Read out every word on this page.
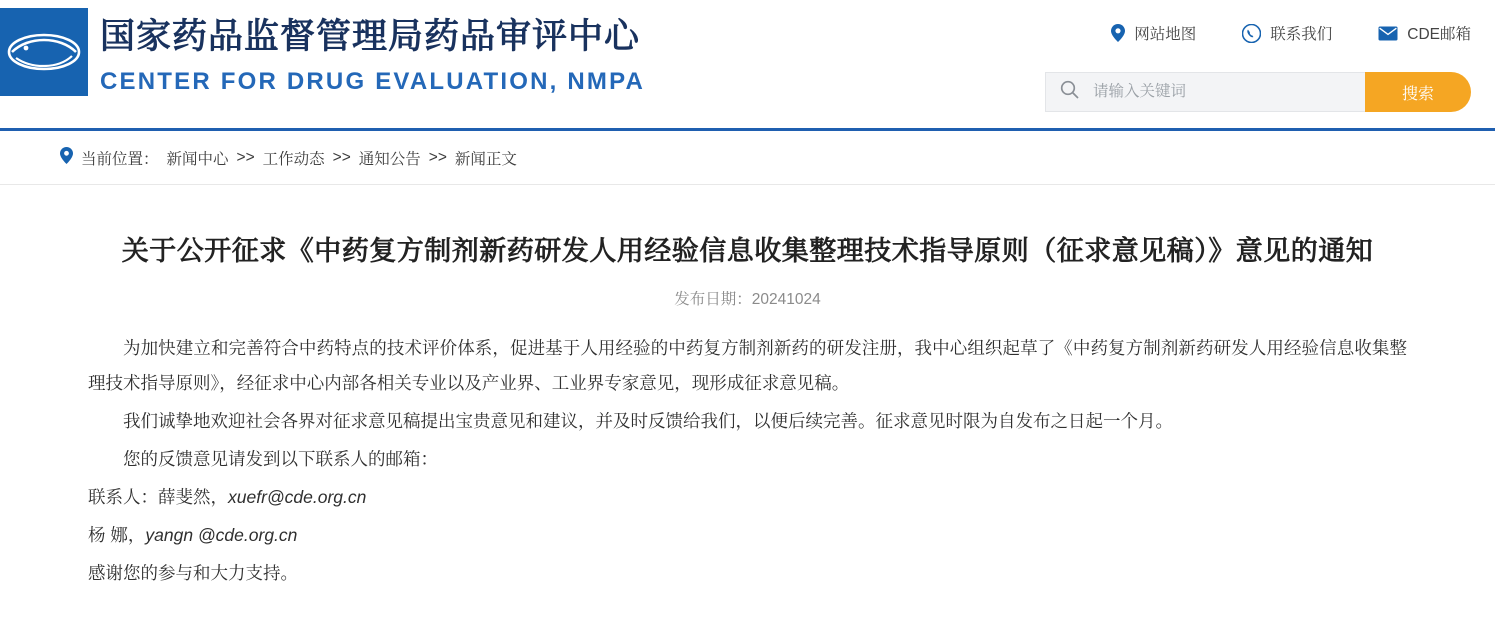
国家药品监督管理局药品审评中心
CENTER FOR DRUG EVALUATION, NMPA
网站地图	联系我们	CDE邮箱
请输入关键词
搜索
当前位置： 新闻中心 >> 工作动态 >> 通知公告 >> 新闻正文
关于公开征求《中药复方制剂新药研发人用经验信息收集整理技术指导原则（征求意见稿）》意见的通知
发布日期：20241024

为加快建立和完善符合中药特点的技术评价体系，促进基于人用经验的中药复方制剂新药的研发注册，我中心组织起草了《中药复方制剂新药研发人用经验信息收集整理技术指导原则》，经征求中心内部各相关专业以及产业界、工业界专家意见，现形成征求意见稿。

我们诚挚地欢迎社会各界对征求意见稿提出宝贵意见和建议，并及时反馈给我们，以便后续完善。征求意见时限为自发布之日起一个月。

您的反馈意见请发到以下联系人的邮箱：

联系人：薛斐然，xuefr@cde.org.cn

杨 娜，yangn @cde.org.cn

感谢您的参与和大力支持。
